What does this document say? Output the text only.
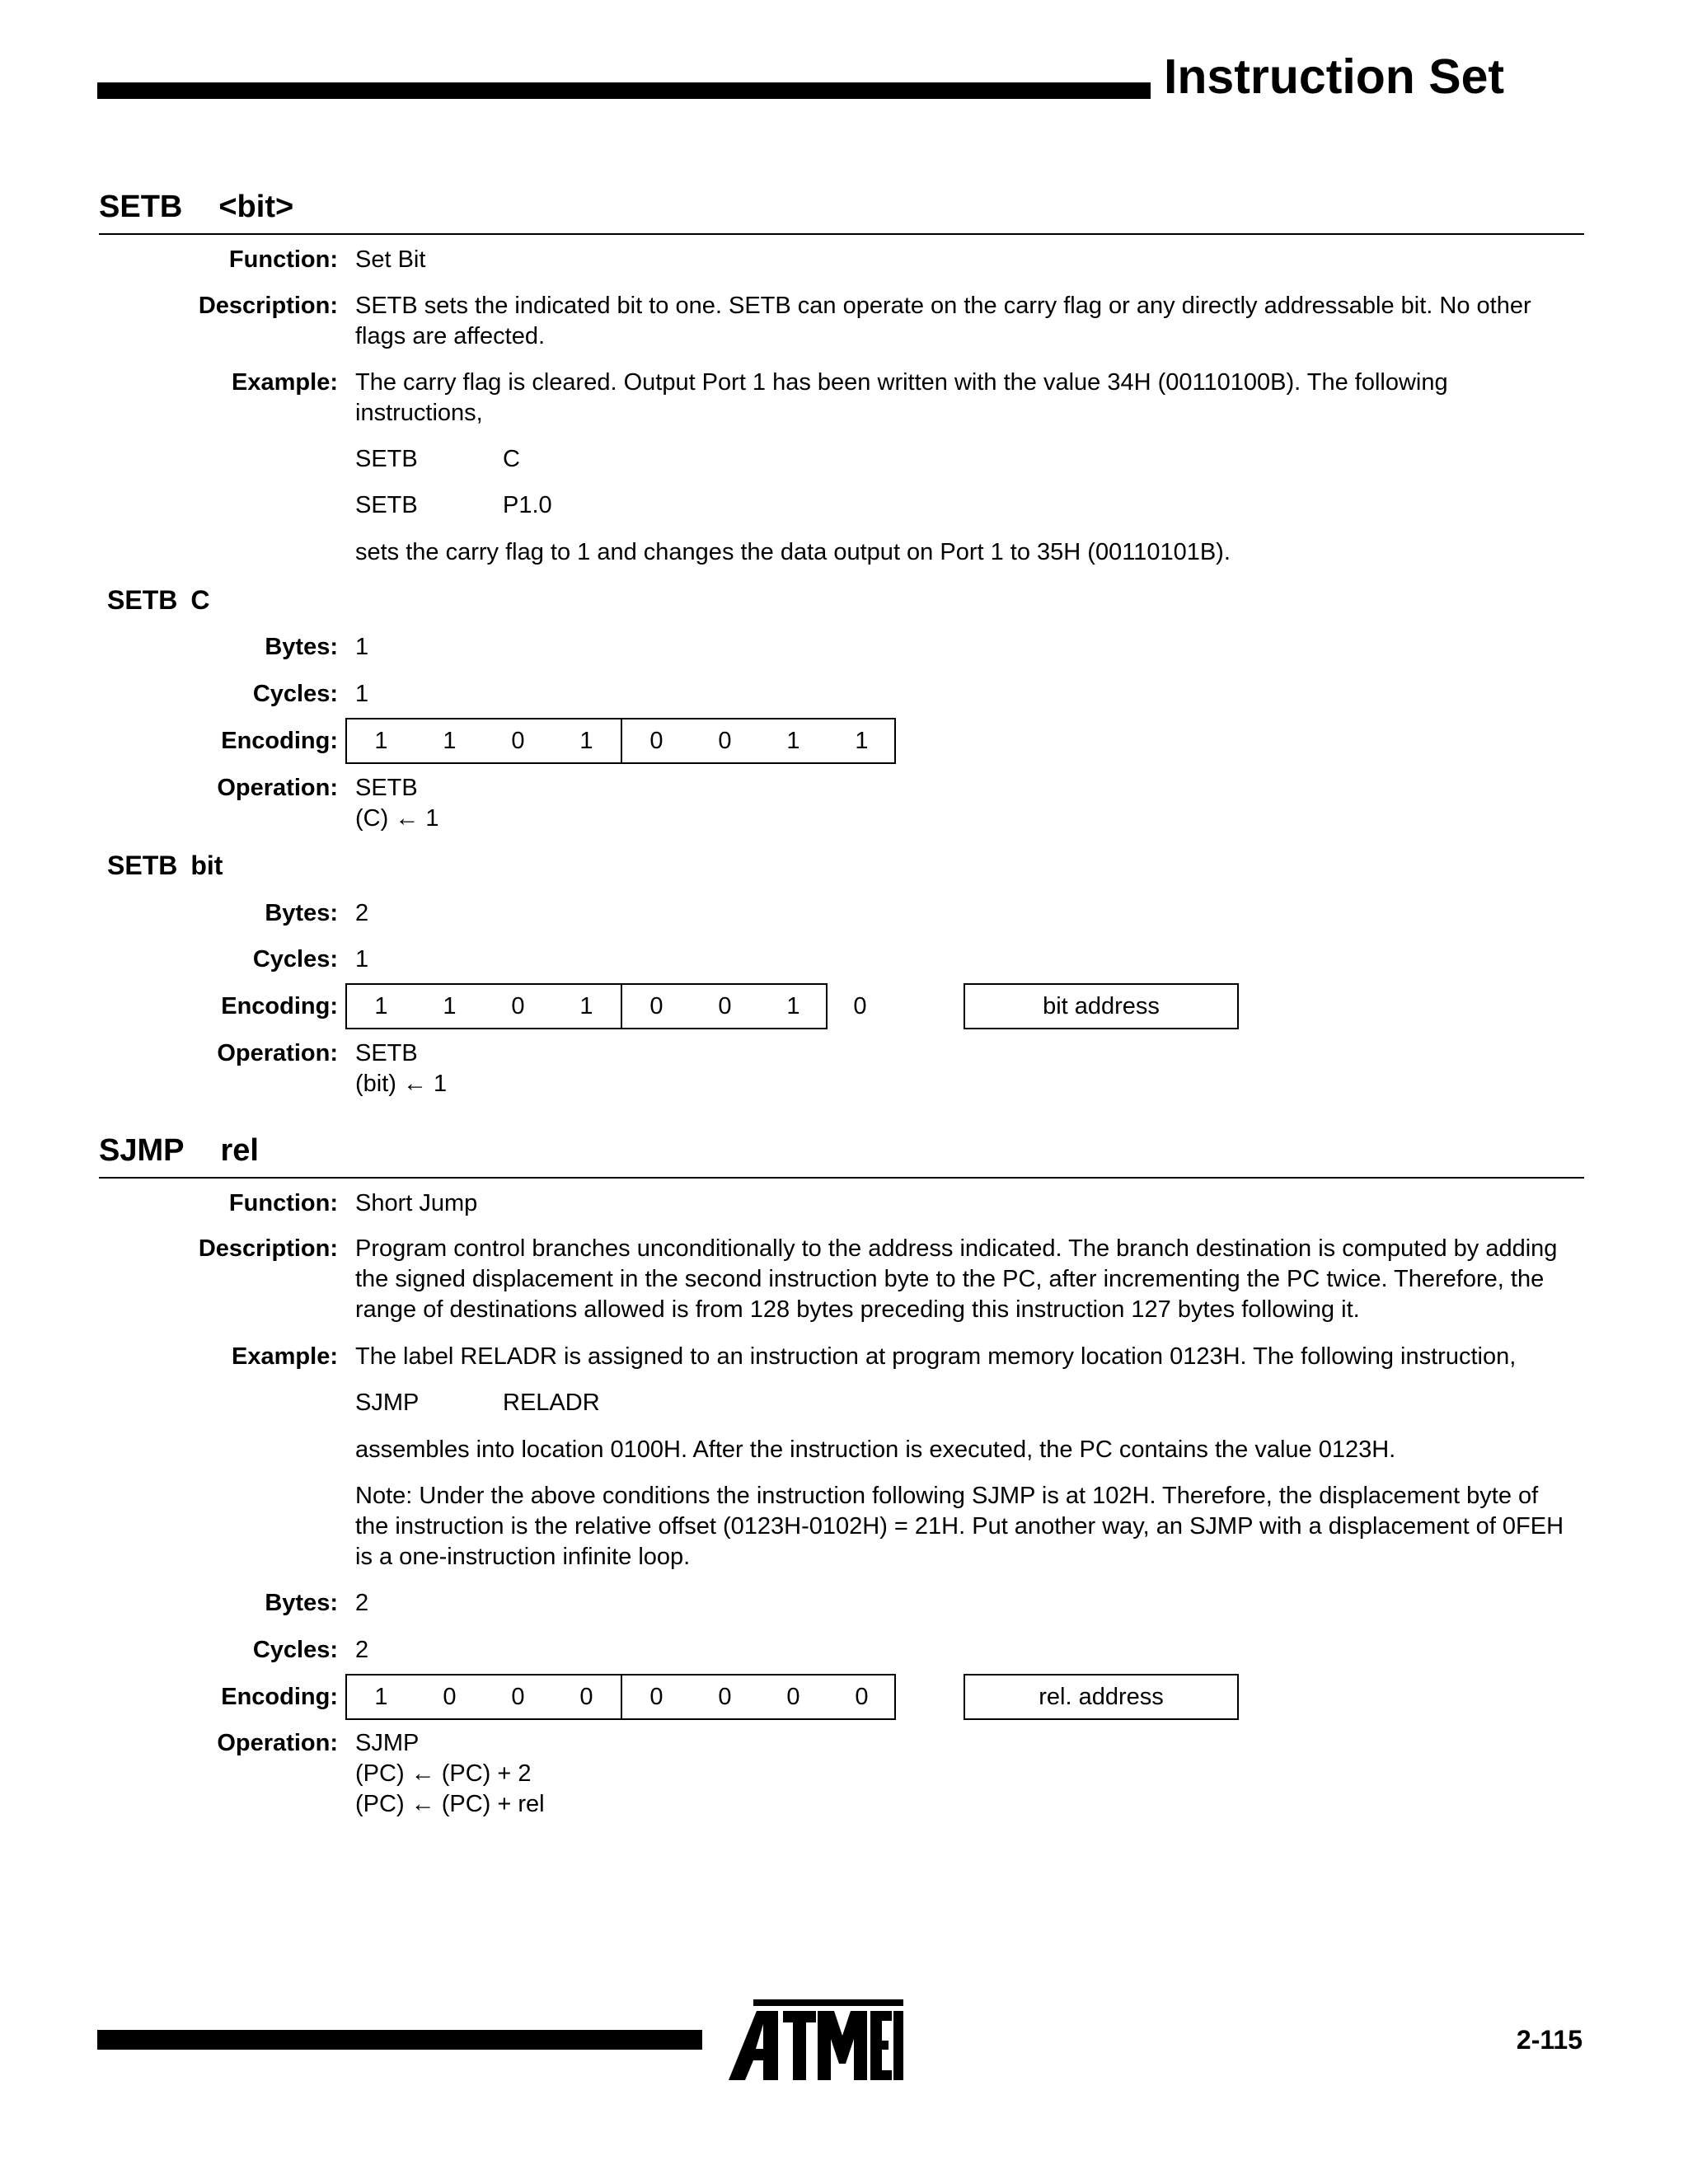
Instruction Set
SETB <bit>
Function: Set Bit
Description: SETB sets the indicated bit to one. SETB can operate on the carry flag or any directly addressable bit. No other flags are affected.
Example: The carry flag is cleared. Output Port 1 has been written with the value 34H (00110100B). The following instructions,
SETB	C
SETB	P1.0
sets the carry flag to 1 and changes the data output on Port 1 to 35H (00110101B).
SETB C
Bytes: 1
Cycles: 1
Encoding:	1	1	0	1	0	0	1	1
Operation: SETB
(C) ← 1
SETB bit
Bytes: 2
Cycles: 1
Encoding:	1	1	0	1	0	0	1	0	bit address
Operation: SETB
(bit) ← 1
SJMP rel
Function: Short Jump
Description: Program control branches unconditionally to the address indicated. The branch destination is computed by adding the signed displacement in the second instruction byte to the PC, after incrementing the PC twice. Therefore, the range of destinations allowed is from 128 bytes preceding this instruction 127 bytes following it.
Example: The label RELADR is assigned to an instruction at program memory location 0123H. The following instruction,
SJMP	RELADR
assembles into location 0100H. After the instruction is executed, the PC contains the value 0123H.
Note: Under the above conditions the instruction following SJMP is at 102H. Therefore, the displacement byte of the instruction is the relative offset (0123H-0102H) = 21H. Put another way, an SJMP with a displacement of 0FEH is a one-instruction infinite loop.
Bytes: 2
Cycles: 2
Encoding:	1	0	0	0	0	0	0	0	rel. address
Operation: SJMP
(PC) ← (PC) + 2
(PC) ← (PC) + rel
2-115
